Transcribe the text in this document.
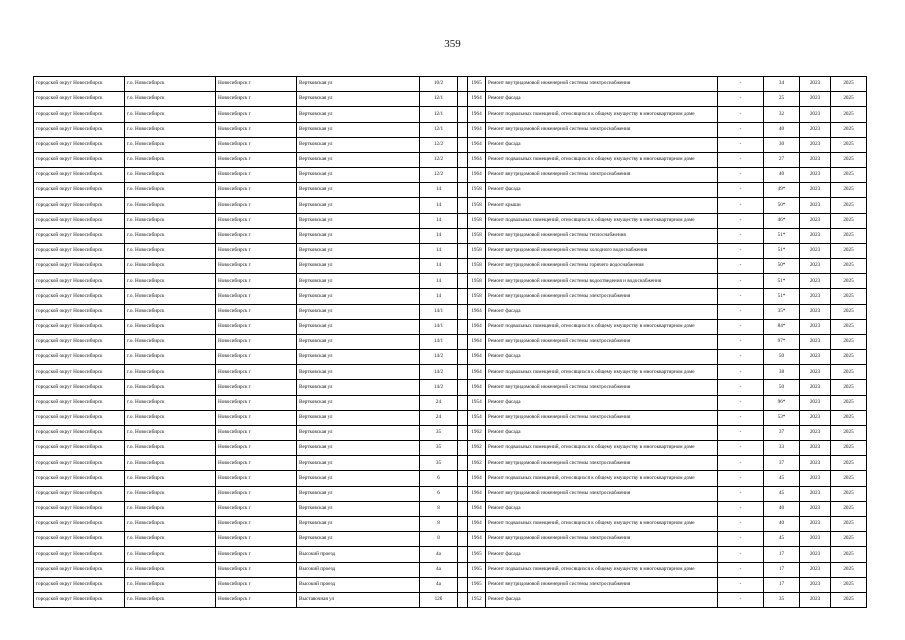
359
городской округ Новосибирск	г.о. Новосибирск	Новосибирск г	Вертковская ул	10/2		1965	Ремонт внутридомовой инженерной системы электроснабжения	-	34	2023	2025
городской округ Новосибирск	г.о. Новосибирск	Новосибирск г	Вертковская ул	12/1		1964	Ремонт фасада	-	25	2023	2025
городской округ Новосибирск	г.о. Новосибирск	Новосибирск г	Вертковская ул	12/1		1964	Ремонт подвальных помещений, относящихся к общему имуществу в многоквартирном доме	-	32	2023	2025
городской округ Новосибирск	г.о. Новосибирск	Новосибирск г	Вертковская ул	12/1		1964	Ремонт внутридомовой инженерной системы электроснабжения	-	40	2023	2025
городской округ Новосибирск	г.о. Новосибирск	Новосибирск г	Вертковская ул	12/2		1964	Ремонт фасада	-	30	2023	2025
городской округ Новосибирск	г.о. Новосибирск	Новосибирск г	Вертковская ул	12/2		1964	Ремонт подвальных помещений, относящихся к общему имуществу в многоквартирном доме	-	27	2023	2025
городской округ Новосибирск	г.о. Новосибирск	Новосибирск г	Вертковская ул	12/2		1964	Ремонт внутридомовой инженерной системы электроснабжения	-	40	2023	2025
городской округ Новосибирск	г.о. Новосибирск	Новосибирск г	Вертковская ул	14		1958	Ремонт фасада	-	49*	2023	2025
городской округ Новосибирск	г.о. Новосибирск	Новосибирск г	Вертковская ул	14		1958	Ремонт крыши	-	50*	2023	2025
городской округ Новосибирск	г.о. Новосибирск	Новосибирск г	Вертковская ул	14		1958	Ремонт подвальных помещений, относящихся к общему имуществу в многоквартирном доме	-	46*	2023	2025
городской округ Новосибирск	г.о. Новосибирск	Новосибирск г	Вертковская ул	14		1958	Ремонт внутридомовой инженерной системы теплоснабжения	-	51*	2023	2025
городской округ Новосибирск	г.о. Новосибирск	Новосибирск г	Вертковская ул	14		1958	Ремонт внутридомовой инженерной системы холодного водоснабжения	-	51*	2023	2025
городской округ Новосибирск	г.о. Новосибирск	Новосибирск г	Вертковская ул	14		1958	Ремонт внутридомовой инженерной системы горячего водоснабжения	-	50*	2023	2025
городской округ Новосибирск	г.о. Новосибирск	Новосибирск г	Вертковская ул	14		1958	Ремонт внутридомовой инженерной системы водоотведения и водоснабжения	-	51*	2023	2025
городской округ Новосибирск	г.о. Новосибирск	Новосибирск г	Вертковская ул	14		1958	Ремонт внутридомовой инженерной системы электроснабжения	-	51*	2023	2025
городской округ Новосибирск	г.о. Новосибирск	Новосибирск г	Вертковская ул	14/1		1964	Ремонт фасада	-	35*	2023	2025
городской округ Новосибирск	г.о. Новосибирск	Новосибирск г	Вертковская ул	14/1		1964	Ремонт подвальных помещений, относящихся к общему имуществу в многоквартирном доме	-	84*	2023	2025
городской округ Новосибирск	г.о. Новосибирск	Новосибирск г	Вертковская ул	14/1		1964	Ремонт внутридомовой инженерной системы электроснабжения	-	97*	2023	2025
городской округ Новосибирск	г.о. Новосибирск	Новосибирск г	Вертковская ул	14/2		1964	Ремонт фасада	-	50	2023	2025
городской округ Новосибирск	г.о. Новосибирск	Новосибирск г	Вертковская ул	14/2		1964	Ремонт подвальных помещений, относящихся к общему имуществу в многоквартирном доме	-	38	2023	2025
городской округ Новосибирск	г.о. Новосибирск	Новосибирск г	Вертковская ул	14/2		1964	Ремонт внутридомовой инженерной системы электроснабжения	-	50	2023	2025
городской округ Новосибирск	г.о. Новосибирск	Новосибирск г	Вертковская ул	24		1954	Ремонт фасада	-	96*	2023	2025
городской округ Новосибирск	г.о. Новосибирск	Новосибирск г	Вертковская ул	24		1954	Ремонт внутридомовой инженерной системы электроснабжения	-	53*	2023	2025
городской округ Новосибирск	г.о. Новосибирск	Новосибирск г	Вертковская ул	35		1962	Ремонт фасада	-	37	2023	2025
городской округ Новосибирск	г.о. Новосибирск	Новосибирск г	Вертковская ул	35		1962	Ремонт подвальных помещений, относящихся к общему имуществу в многоквартирном доме	-	33	2023	2025
городской округ Новосибирск	г.о. Новосибирск	Новосибирск г	Вертковская ул	35		1962	Ремонт внутридомовой инженерной системы электроснабжения	-	37	2023	2025
городской округ Новосибирск	г.о. Новосибирск	Новосибирск г	Вертковская ул	6		1964	Ремонт подвальных помещений, относящихся к общему имуществу в многоквартирном доме	-	45	2023	2025
городской округ Новосибирск	г.о. Новосибирск	Новосибирск г	Вертковская ул	6		1964	Ремонт внутридомовой инженерной системы электроснабжения	-	45	2023	2025
городской округ Новосибирск	г.о. Новосибирск	Новосибирск г	Вертковская ул	8		1964	Ремонт фасада	-	40	2023	2025
городской округ Новосибирск	г.о. Новосибирск	Новосибирск г	Вертковская ул	8		1964	Ремонт подвальных помещений, относящихся к общему имуществу в многоквартирном доме	-	40	2023	2025
городской округ Новосибирск	г.о. Новосибирск	Новосибирск г	Вертковская ул	8		1964	Ремонт внутридомовой инженерной системы электроснабжения	-	45	2023	2025
городской округ Новосибирск	г.о. Новосибирск	Новосибирск г	Высокий проезд	4а		1965	Ремонт фасада	-	17	2023	2025
городской округ Новосибирск	г.о. Новосибирск	Новосибирск г	Высокий проезд	4а		1965	Ремонт подвальных помещений, относящихся к общему имуществу в многоквартирном доме	-	17	2023	2025
городской округ Новосибирск	г.о. Новосибирск	Новосибирск г	Высокий проезд	4а		1965	Ремонт внутридомовой инженерной системы электроснабжения	-	17	2023	2025
городской округ Новосибирск	г.о. Новосибирск	Новосибирск г	Выставочная ул	12б		1952	Ремонт фасада	-	35	2023	2025
